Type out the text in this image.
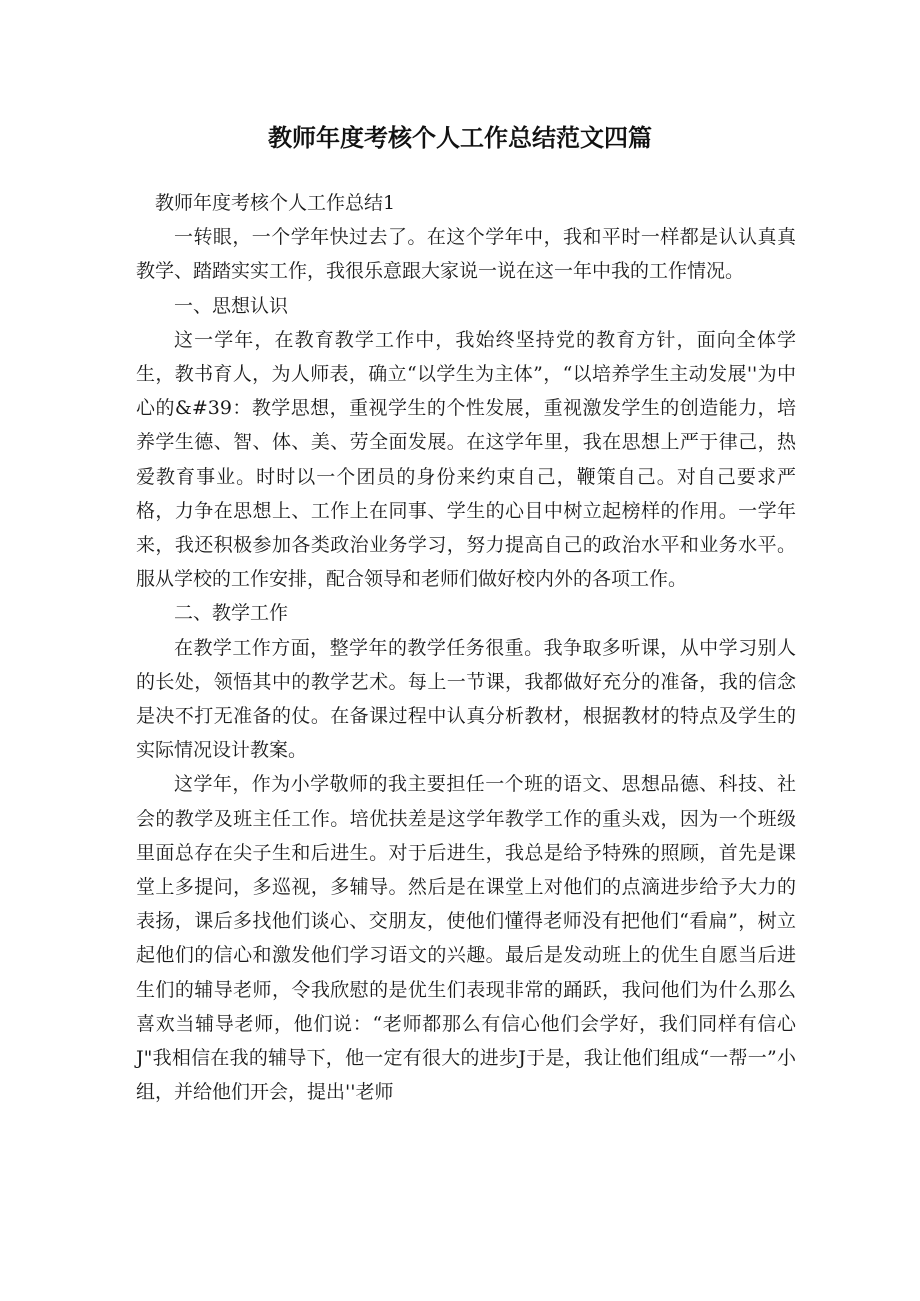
教师年度考核个人工作总结范文四篇

教师年度考核个人工作总结1

一转眼，一个学年快过去了。在这个学年中，我和平时一样都是认认真真教学、踏踏实实工作，我很乐意跟大家说一说在这一年中我的工作情况。

一、思想认识

这一学年，在教育教学工作中，我始终坚持党的教育方针，面向全体学生，教书育人，为人师表，确立“以学生为主体”，“以培养学生主动发展''为中心的&#39：教学思想，重视学生的个性发展，重视激发学生的创造能力，培养学生德、智、体、美、劳全面发展。在这学年里，我在思想上严于律己，热爱教育事业。时时以一个团员的身份来约束自己，鞭策自己。对自己要求严格，力争在思想上、工作上在同事、学生的心目中树立起榜样的作用。一学年来，我还积极参加各类政治业务学习，努力提高自己的政治水平和业务水平。服从学校的工作安排，配合领导和老师们做好校内外的各项工作。

二、教学工作

在教学工作方面，整学年的教学任务很重。我争取多听课，从中学习别人的长处，领悟其中的教学艺术。每上一节课，我都做好充分的准备，我的信念是决不打无准备的仗。在备课过程中认真分析教材，根据教材的特点及学生的实际情况设计教案。

这学年，作为小学敬师的我主要担任一个班的语文、思想品德、科技、社会的教学及班主任工作。培优扶差是这学年教学工作的重头戏，因为一个班级里面总存在尖子生和后进生。对于后进生，我总是给予特殊的照顾，首先是课堂上多提问，多巡视，多辅导。然后是在课堂上对他们的点滴进步给予大力的表扬，课后多找他们谈心、交朋友，使他们懂得老师没有把他们“看扁”，树立起他们的信心和激发他们学习语文的兴趣。最后是发动班上的优生自愿当后进生们的辅导老师，令我欣慰的是优生们表现非常的踊跃，我问他们为什么那么喜欢当辅导老师，他们说：“老师都那么有信心他们会学好，我们同样有信心J"我相信在我的辅导下，他一定有很大的进步J于是，我让他们组成“一帮一”小组，并给他们开会，提出''老师
